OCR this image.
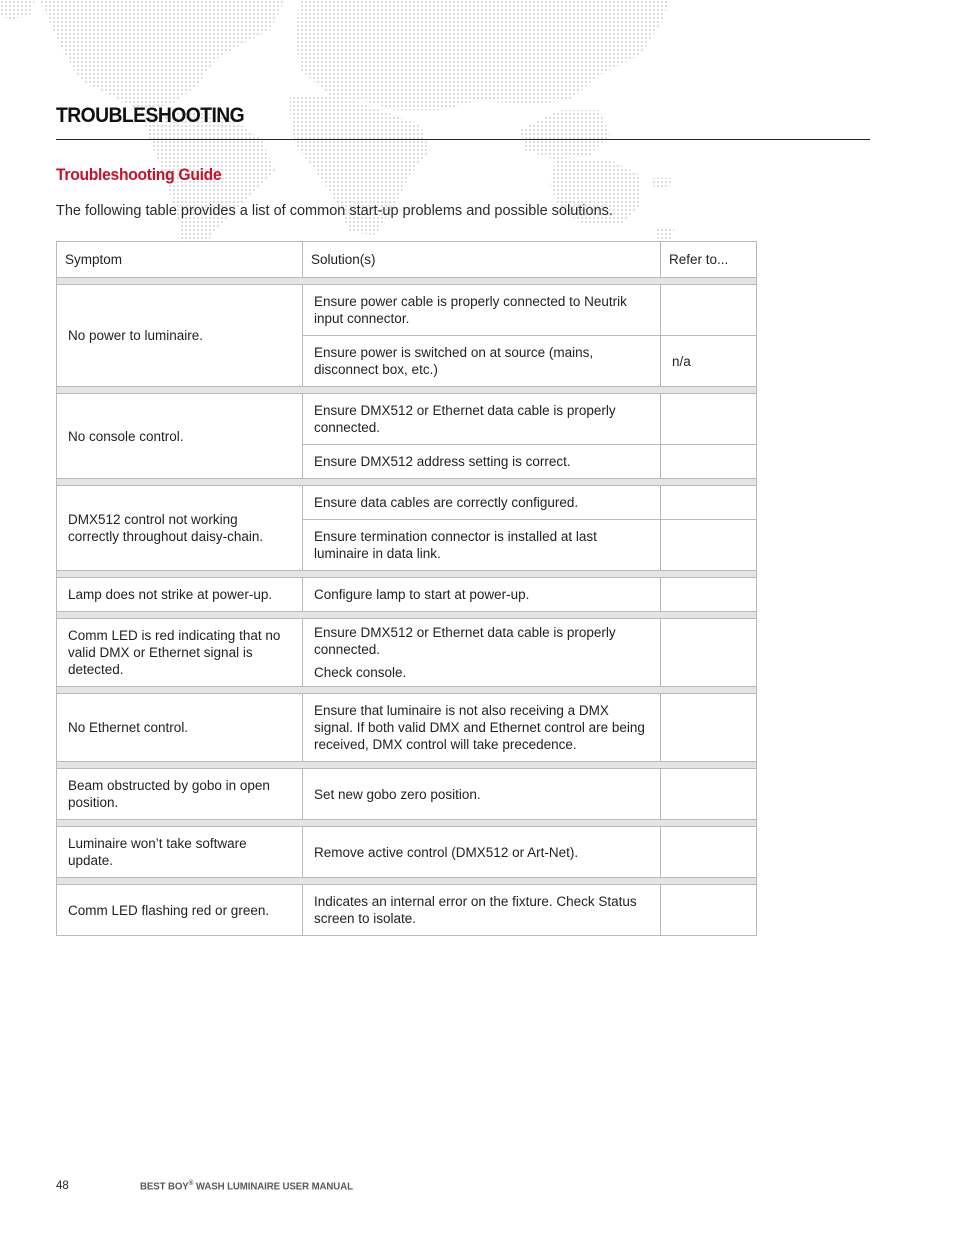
TROUBLESHOOTING
Troubleshooting Guide

The following table provides a list of common start-up problems and possible solutions.

Symptom	Solution(s)	Refer to...

No power to luminaire.	Ensure power cable is properly connected to Neutrik input connector.	
	Ensure power is switched on at source (mains, disconnect box, etc.)	n/a

No console control.	Ensure DMX512 or Ethernet data cable is properly connected.	
	Ensure DMX512 address setting is correct.	

DMX512 control not working correctly throughout daisy-chain.	Ensure data cables are correctly configured.	
	Ensure termination connector is installed at last luminaire in data link.	

Lamp does not strike at power-up.	Configure lamp to start at power-up.	

Comm LED is red indicating that no valid DMX or Ethernet signal is detected.	Ensure DMX512 or Ethernet data cable is properly connected.
Check console.	

No Ethernet control.	Ensure that luminaire is not also receiving a DMX signal. If both valid DMX and Ethernet control are being received, DMX control will take precedence.	

Beam obstructed by gobo in open position.	Set new gobo zero position.	

Luminaire won’t take software update.	Remove active control (DMX512 or Art-Net).	

Comm LED flashing red or green.	Indicates an internal error on the fixture. Check Status screen to isolate.	
48	BEST BOY® WASH LUMINAIRE USER MANUAL
